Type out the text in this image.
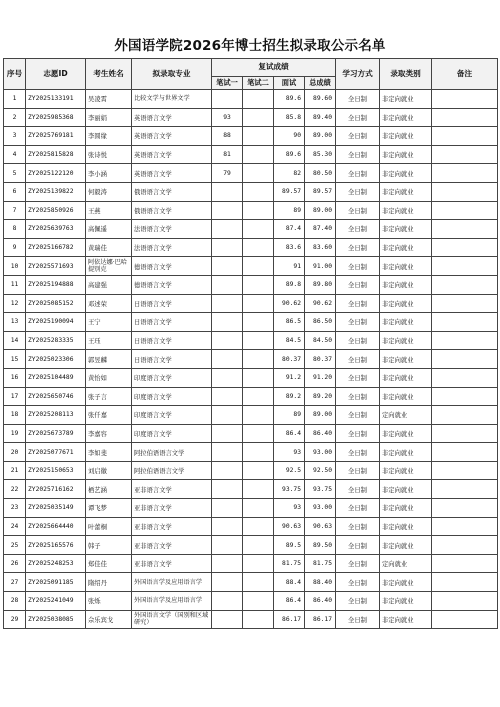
外国语学院2026年博士招生拟录取公示名单
序号	志愿ID	考生姓名	拟录取专业	复试成绩				学习方式	录取类别	备注
				笔试一	笔试二	面试	总成绩			
1	ZY2025133191	吴凌霄	比较文学与世界文学			89.6	89.60	全日制	非定向就业	
2	ZY2025985368	李丽娟	英语语言文学	93		85.8	89.40	全日制	非定向就业	
3	ZY2025769181	李圆缘	英语语言文学	88		90	89.00	全日制	非定向就业	
4	ZY2025815828	张诗悦	英语语言文学	81		89.6	85.30	全日制	非定向就业	
5	ZY2025122120	李小涵	英语语言文学	79		82	80.50	全日制	非定向就业	
6	ZY2025139822	何毅涛	俄语语言文学			89.57	89.57	全日制	非定向就业	
7	ZY2025850926	王燕	俄语语言文学			89	89.00	全日制	非定向就业	
8	ZY2025639763	高佩遥	法语语言文学			87.4	87.40	全日制	非定向就业	
9	ZY2025166782	黄瑞佳	法语语言文学			83.6	83.60	全日制	非定向就业	
10	ZY2025571693	阿依达娜·巴哈提别克	德语语言文学			91	91.00	全日制	非定向就业	
11	ZY2025194888	高建强	德语语言文学			89.8	89.80	全日制	非定向就业	
12	ZY2025085152	邓述荣	日语语言文学			90.62	90.62	全日制	非定向就业	
13	ZY2025190094	王宁	日语语言文学			86.5	86.50	全日制	非定向就业	
14	ZY2025283335	王珏	日语语言文学			84.5	84.50	全日制	非定向就业	
15	ZY2025023306	郭昱麟	日语语言文学			80.37	80.37	全日制	非定向就业	
16	ZY2025104489	黄怡如	印度语言文学			91.2	91.20	全日制	非定向就业	
17	ZY2025650746	张子言	印度语言文学			89.2	89.20	全日制	非定向就业	
18	ZY2025208113	张仟嘉	印度语言文学			89	89.00	全日制	定向就业	
19	ZY2025673789	李嘉容	印度语言文学			86.4	86.40	全日制	非定向就业	
20	ZY2025077671	李如斐	阿拉伯语语言文学			93	93.00	全日制	非定向就业	
21	ZY2025150653	刘启徽	阿拉伯语语言文学			92.5	92.50	全日制	非定向就业	
22	ZY2025716162	栖艺涵	亚非语言文学			93.75	93.75	全日制	非定向就业	
23	ZY2025035149	谭飞梦	亚非语言文学			93	93.00	全日制	非定向就业	
24	ZY2025664440	叶蕾桐	亚非语言文学			90.63	90.63	全日制	非定向就业	
25	ZY2025165576	韩子	亚非语言文学			89.5	89.50	全日制	非定向就业	
26	ZY2025248253	郑佳佳	亚非语言文学			81.75	81.75	全日制	定向就业	
27	ZY2025091185	隋绍丹	外国语言学及应用语言学			88.4	88.40	全日制	非定向就业	
28	ZY2025241049	张烁	外国语言学及应用语言学			86.4	86.40	全日制	非定向就业	
29	ZY2025038085	佘乐宾戈	外国语言文学（国别和区域研究）			86.17	86.17	全日制	非定向就业	
